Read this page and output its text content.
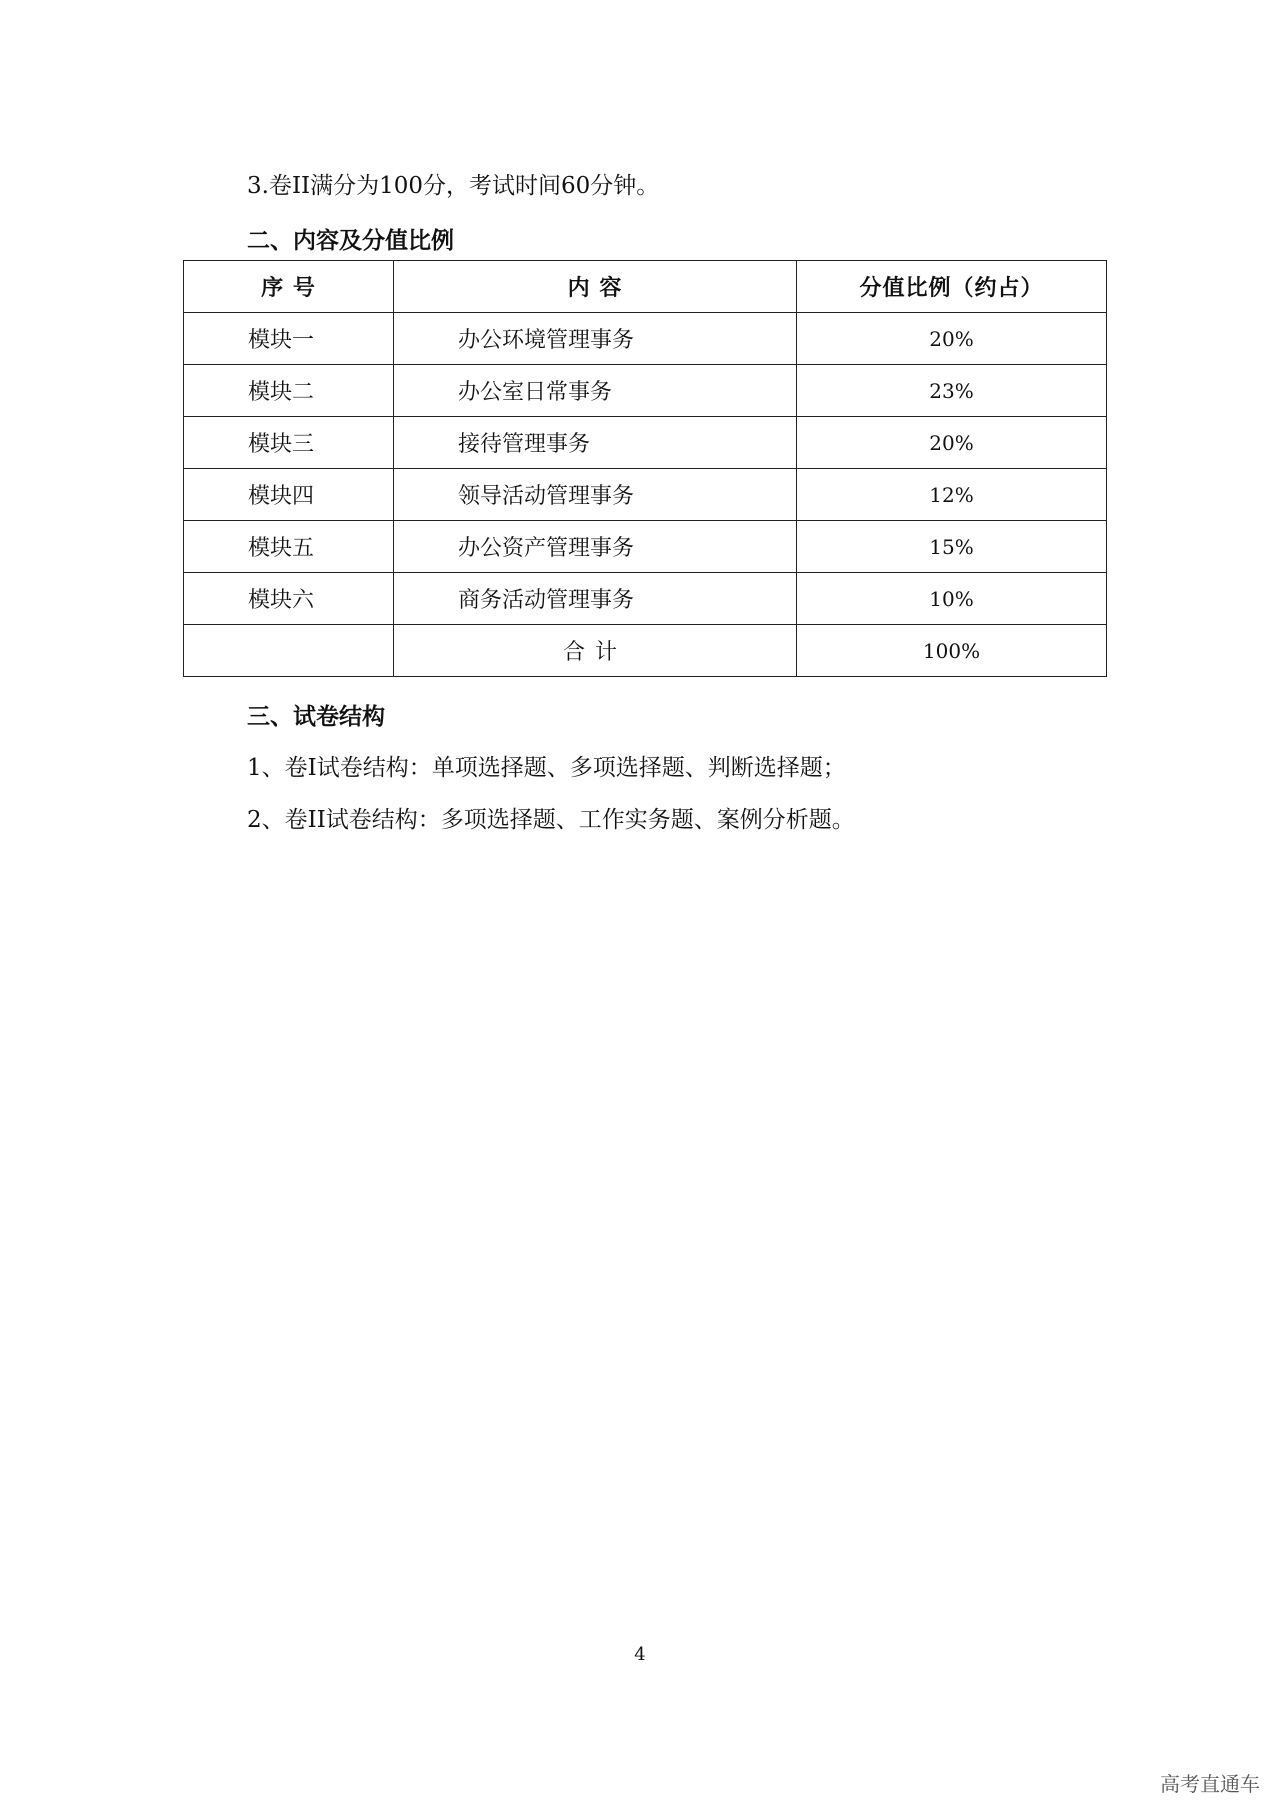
3.卷II满分为100分，考试时间60分钟。
二、内容及分值比例
序 号	内 容	分值比例（约占）
模块一	办公环境管理事务	20%
模块二	办公室日常事务	23%
模块三	接待管理事务	20%
模块四	领导活动管理事务	12%
模块五	办公资产管理事务	15%
模块六	商务活动管理事务	10%
	合计	100%
三、试卷结构
1、卷Ⅰ试卷结构：单项选择题、多项选择题、判断选择题；
2、卷II试卷结构：多项选择题、工作实务题、案例分析题。
4
高考直通车
